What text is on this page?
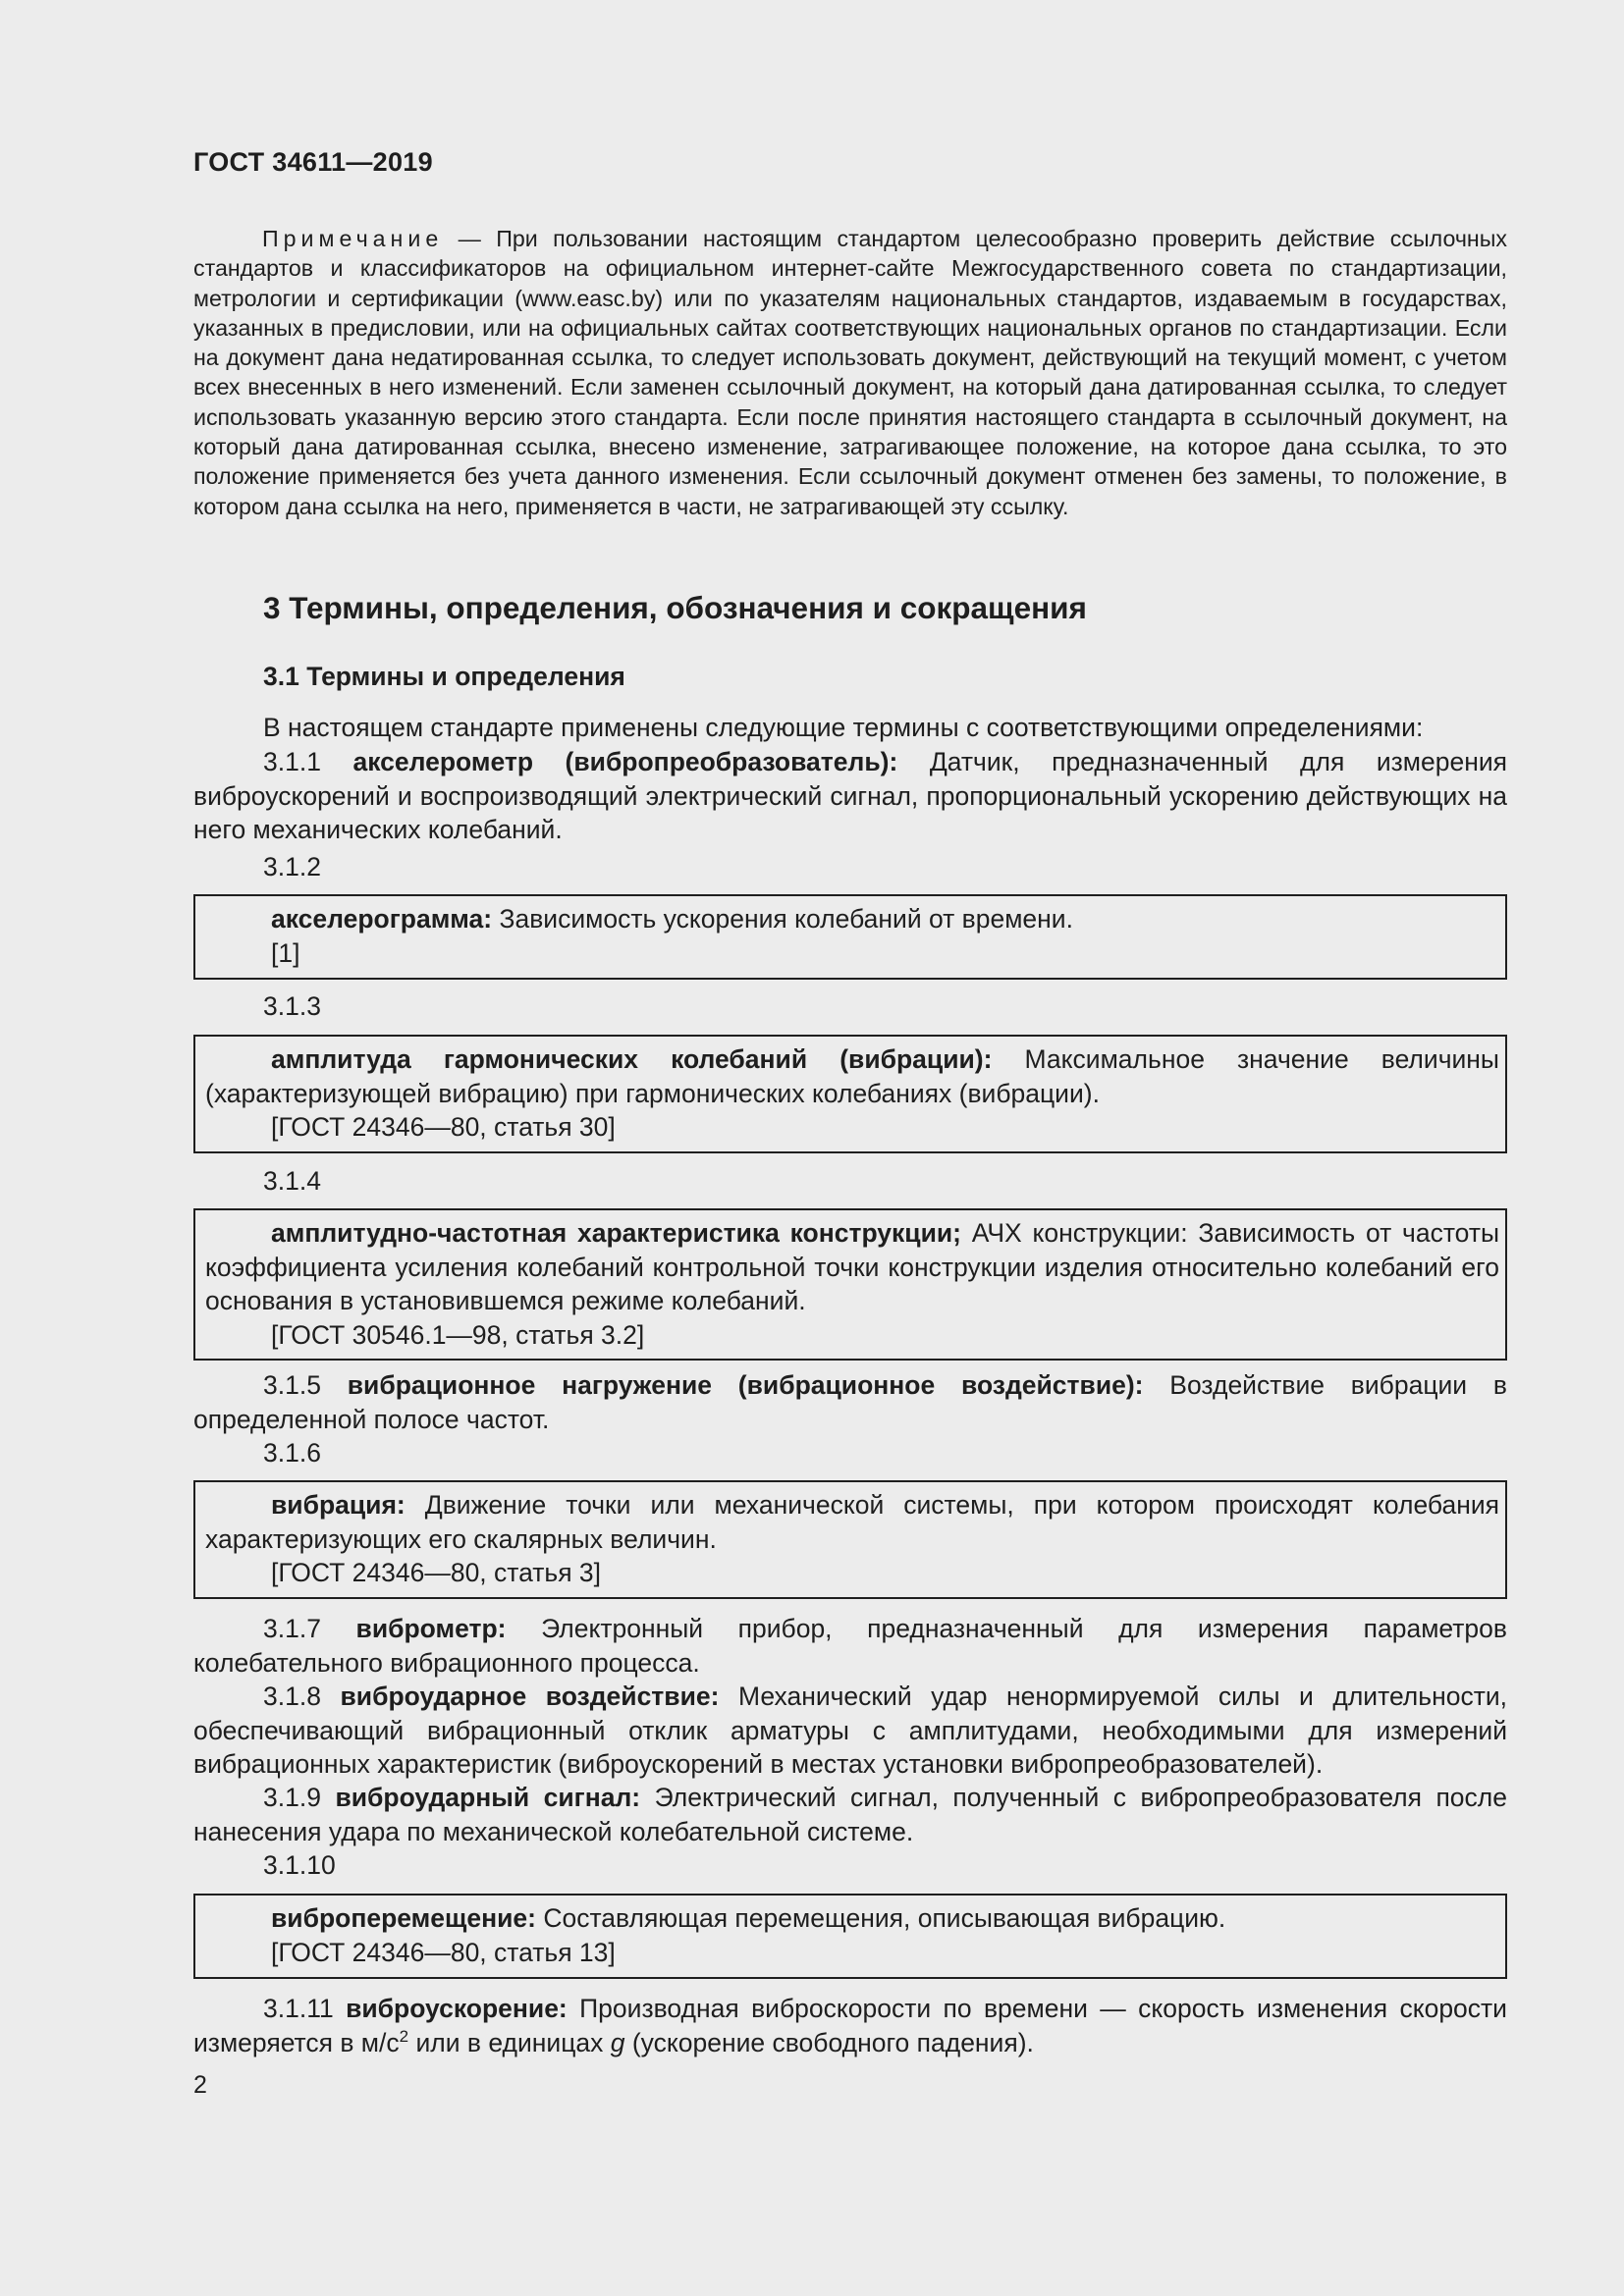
ГОСТ 34611—2019
Примечание — При пользовании настоящим стандартом целесообразно проверить действие ссылочных стандартов и классификаторов на официальном интернет-сайте Межгосударственного совета по стандартизации, метрологии и сертификации (www.easc.by) или по указателям национальных стандартов, издаваемым в государствах, указанных в предисловии, или на официальных сайтах соответствующих национальных органов по стандартизации. Если на документ дана недатированная ссылка, то следует использовать документ, действующий на текущий момент, с учетом всех внесенных в него изменений. Если заменен ссылочный документ, на который дана датированная ссылка, то следует использовать указанную версию этого стандарта. Если после принятия настоящего стандарта в ссылочный документ, на который дана датированная ссылка, внесено изменение, затрагивающее положение, на которое дана ссылка, то это положение применяется без учета данного изменения. Если ссылочный документ отменен без замены, то положение, в котором дана ссылка на него, применяется в части, не затрагивающей эту ссылку.
3 Термины, определения, обозначения и сокращения
3.1 Термины и определения
В настоящем стандарте применены следующие термины с соответствующими определениями:
3.1.1 акселерометр (вибропреобразователь): Датчик, предназначенный для измерения виброускорений и воспроизводящий электрический сигнал, пропорциональный ускорению действующих на него механических колебаний.
3.1.2
акселерограмма: Зависимость ускорения колебаний от времени.
[1]
3.1.3
амплитуда гармонических колебаний (вибрации): Максимальное значение величины (характеризующей вибрацию) при гармонических колебаниях (вибрации).
[ГОСТ 24346—80, статья 30]
3.1.4
амплитудно-частотная характеристика конструкции; АЧХ конструкции: Зависимость от частоты коэффициента усиления колебаний контрольной точки конструкции изделия относительно колебаний его основания в установившемся режиме колебаний.
[ГОСТ 30546.1—98, статья 3.2]
3.1.5 вибрационное нагружение (вибрационное воздействие): Воздействие вибрации в определенной полосе частот.
3.1.6
вибрация: Движение точки или механической системы, при котором происходят колебания характеризующих его скалярных величин.
[ГОСТ 24346—80, статья 3]
3.1.7 виброметр: Электронный прибор, предназначенный для измерения параметров колебательного вибрационного процесса.
3.1.8 виброударное воздействие: Механический удар ненормируемой силы и длительности, обеспечивающий вибрационный отклик арматуры с амплитудами, необходимыми для измерений вибрационных характеристик (виброускорений в местах установки вибропреобразователей).
3.1.9 виброударный сигнал: Электрический сигнал, полученный с вибропреобразователя после нанесения удара по механической колебательной системе.
3.1.10
виброперемещение: Составляющая перемещения, описывающая вибрацию.
[ГОСТ 24346—80, статья 13]
3.1.11 виброускорение: Производная виброскорости по времени — скорость изменения скорости измеряется в $м/с^2$ или в единицах g (ускорение свободного падения).
2
